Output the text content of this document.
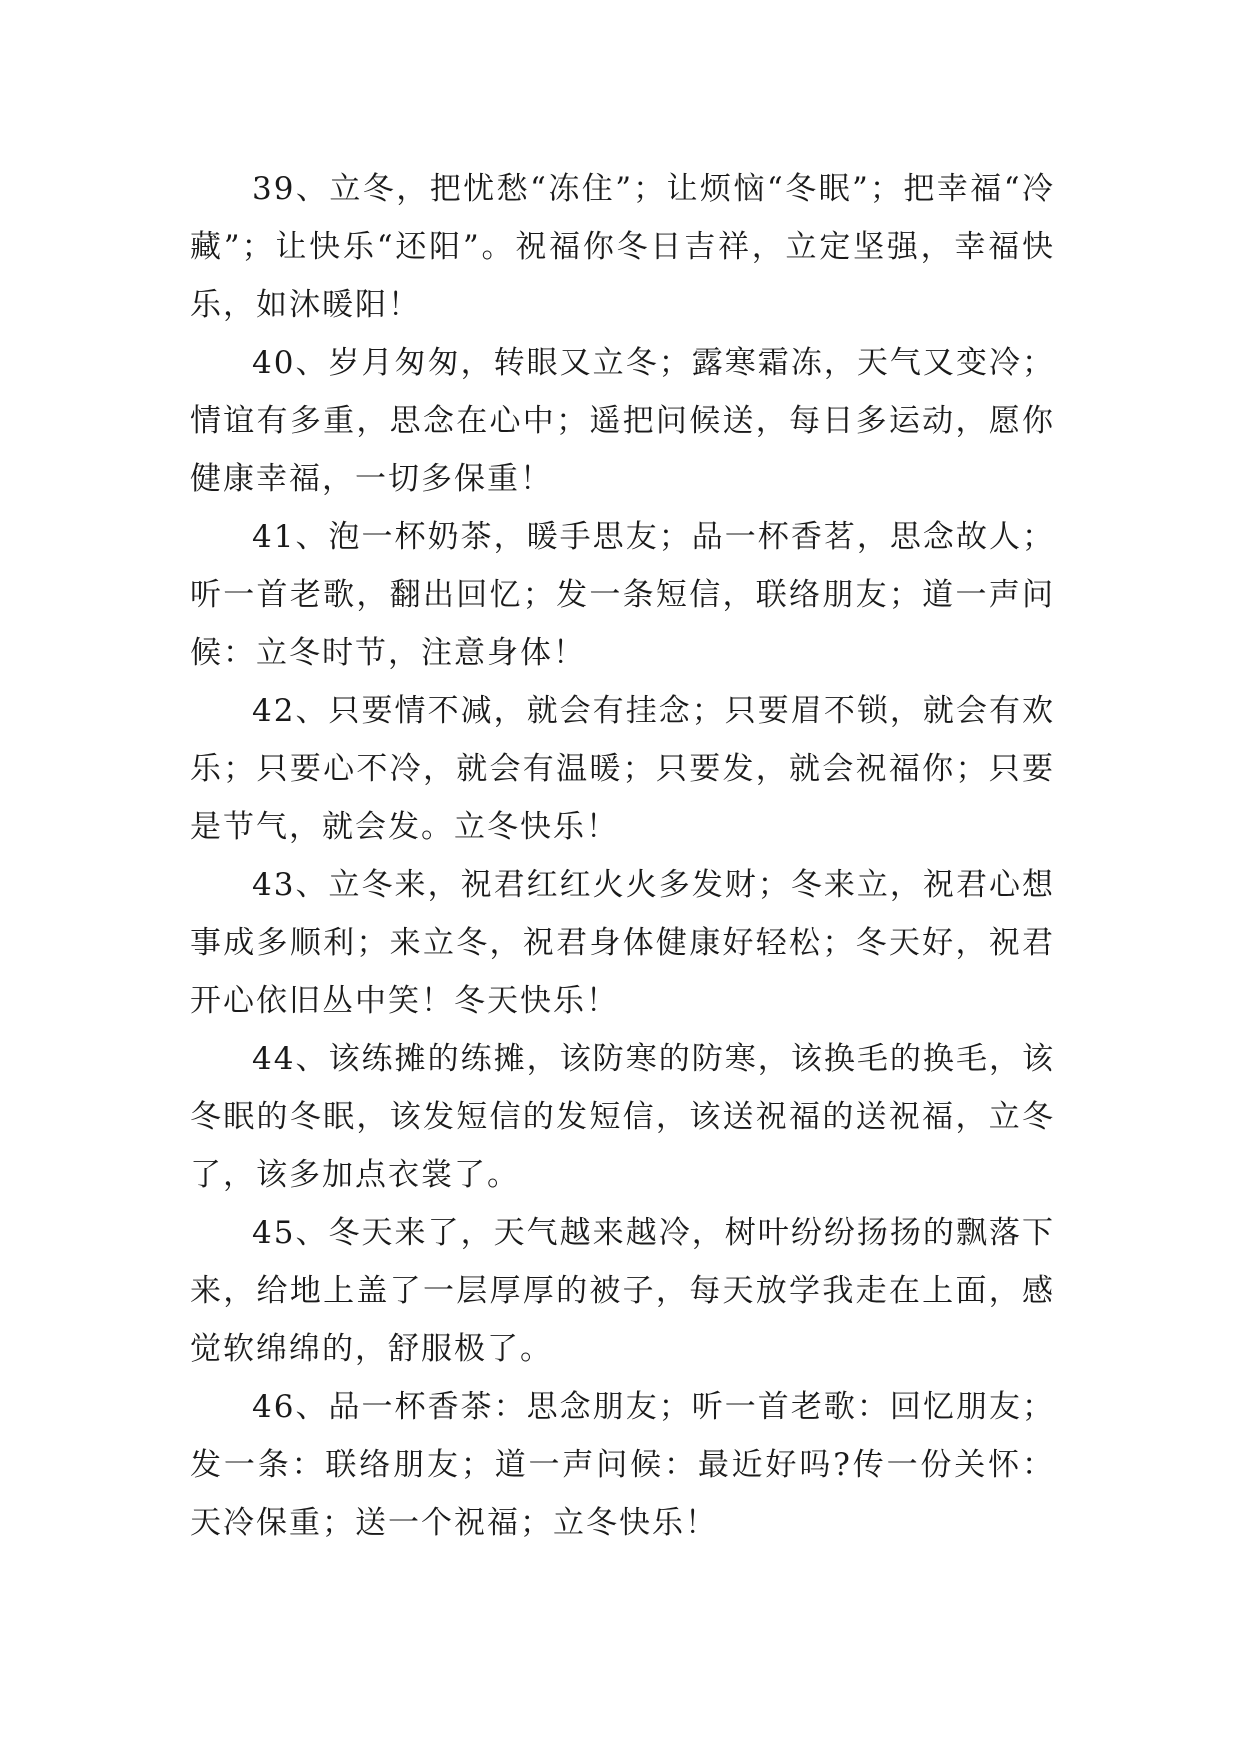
39、立冬，把忧愁“冻住”；让烦恼“冬眠”；把幸福“冷藏”；让快乐“还阳”。祝福你冬日吉祥，立定坚强，幸福快乐，如沐暖阳！

40、岁月匆匆，转眼又立冬；露寒霜冻，天气又变冷；情谊有多重，思念在心中；遥把问候送，每日多运动，愿你健康幸福，一切多保重！

41、泡一杯奶茶，暖手思友；品一杯香茗，思念故人；听一首老歌，翻出回忆；发一条短信，联络朋友；道一声问候：立冬时节，注意身体！

42、只要情不减，就会有挂念；只要眉不锁，就会有欢乐；只要心不冷，就会有温暖；只要发，就会祝福你；只要是节气，就会发。立冬快乐！

43、立冬来，祝君红红火火多发财；冬来立，祝君心想事成多顺利；来立冬，祝君身体健康好轻松；冬天好，祝君开心依旧丛中笑！冬天快乐！

44、该练摊的练摊，该防寒的防寒，该换毛的换毛，该冬眠的冬眠，该发短信的发短信，该送祝福的送祝福，立冬了，该多加点衣裳了。

45、冬天来了，天气越来越冷，树叶纷纷扬扬的飘落下来，给地上盖了一层厚厚的被子，每天放学我走在上面，感觉软绵绵的，舒服极了。

46、品一杯香茶：思念朋友；听一首老歌：回忆朋友；发一条：联络朋友；道一声问候：最近好吗?传一份关怀：天冷保重；送一个祝福；立冬快乐！
